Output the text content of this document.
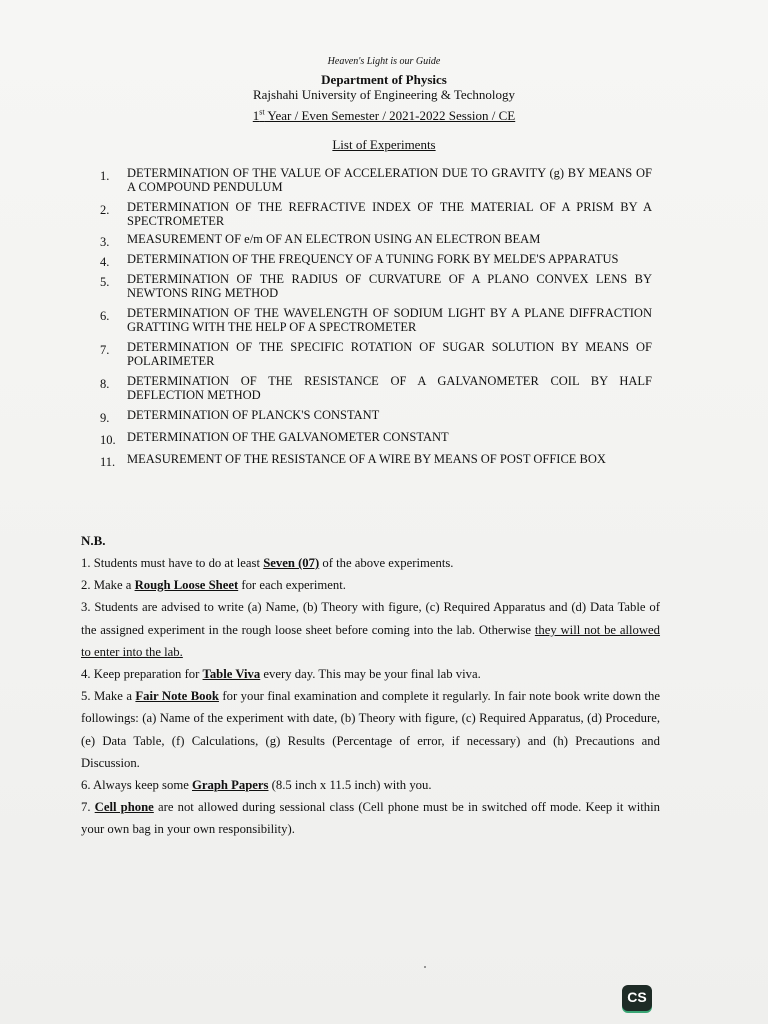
Heaven's Light is our Guide
Department of Physics
Rajshahi University of Engineering & Technology
1st Year / Even Semester / 2021-2022 Session / CE
List of Experiments
1.	DETERMINATION OF THE VALUE OF ACCELERATION DUE TO GRAVITY (g) BY MEANS OF A COMPOUND PENDULUM
2.	DETERMINATION OF THE REFRACTIVE INDEX OF THE MATERIAL OF A PRISM BY A SPECTROMETER
3.	MEASUREMENT OF e/m OF AN ELECTRON USING AN ELECTRON BEAM
4.	DETERMINATION OF THE FREQUENCY OF A TUNING FORK BY MELDE'S APPARATUS
5.	DETERMINATION OF THE RADIUS OF CURVATURE OF A PLANO CONVEX LENS BY NEWTONS RING METHOD
6.	DETERMINATION OF THE WAVELENGTH OF SODIUM LIGHT BY A PLANE DIFFRACTION GRATTING WITH THE HELP OF A SPECTROMETER
7.	DETERMINATION OF THE SPECIFIC ROTATION OF SUGAR SOLUTION BY MEANS OF POLARIMETER
8.	DETERMINATION OF THE RESISTANCE OF A GALVANOMETER COIL BY HALF DEFLECTION METHOD
9.	DETERMINATION OF PLANCK'S CONSTANT
10. DETERMINATION OF THE GALVANOMETER CONSTANT
11. MEASUREMENT OF THE RESISTANCE OF A WIRE BY MEANS OF POST OFFICE BOX
N.B.

1. Students must have to do at least Seven (07) of the above experiments.

2. Make a Rough Loose Sheet for each experiment.

3. Students are advised to write (a) Name, (b) Theory with figure, (c) Required Apparatus and (d) Data Table of the assigned experiment in the rough loose sheet before coming into the lab. Otherwise they will not be allowed to enter into the lab.

4. Keep preparation for Table Viva every day. This may be your final lab viva.

5. Make a Fair Note Book for your final examination and complete it regularly. In fair note book write down the followings: (a) Name of the experiment with date, (b) Theory with figure, (c) Required Apparatus, (d) Procedure, (e) Data Table, (f) Calculations, (g) Results (Percentage of error, if necessary) and (h) Precautions and Discussion.

6. Always keep some Graph Papers (8.5 inch x 11.5 inch) with you.

7. Cell phone are not allowed during sessional class (Cell phone must be in switched off mode. Keep it within your own bag in your own responsibility).

CS
